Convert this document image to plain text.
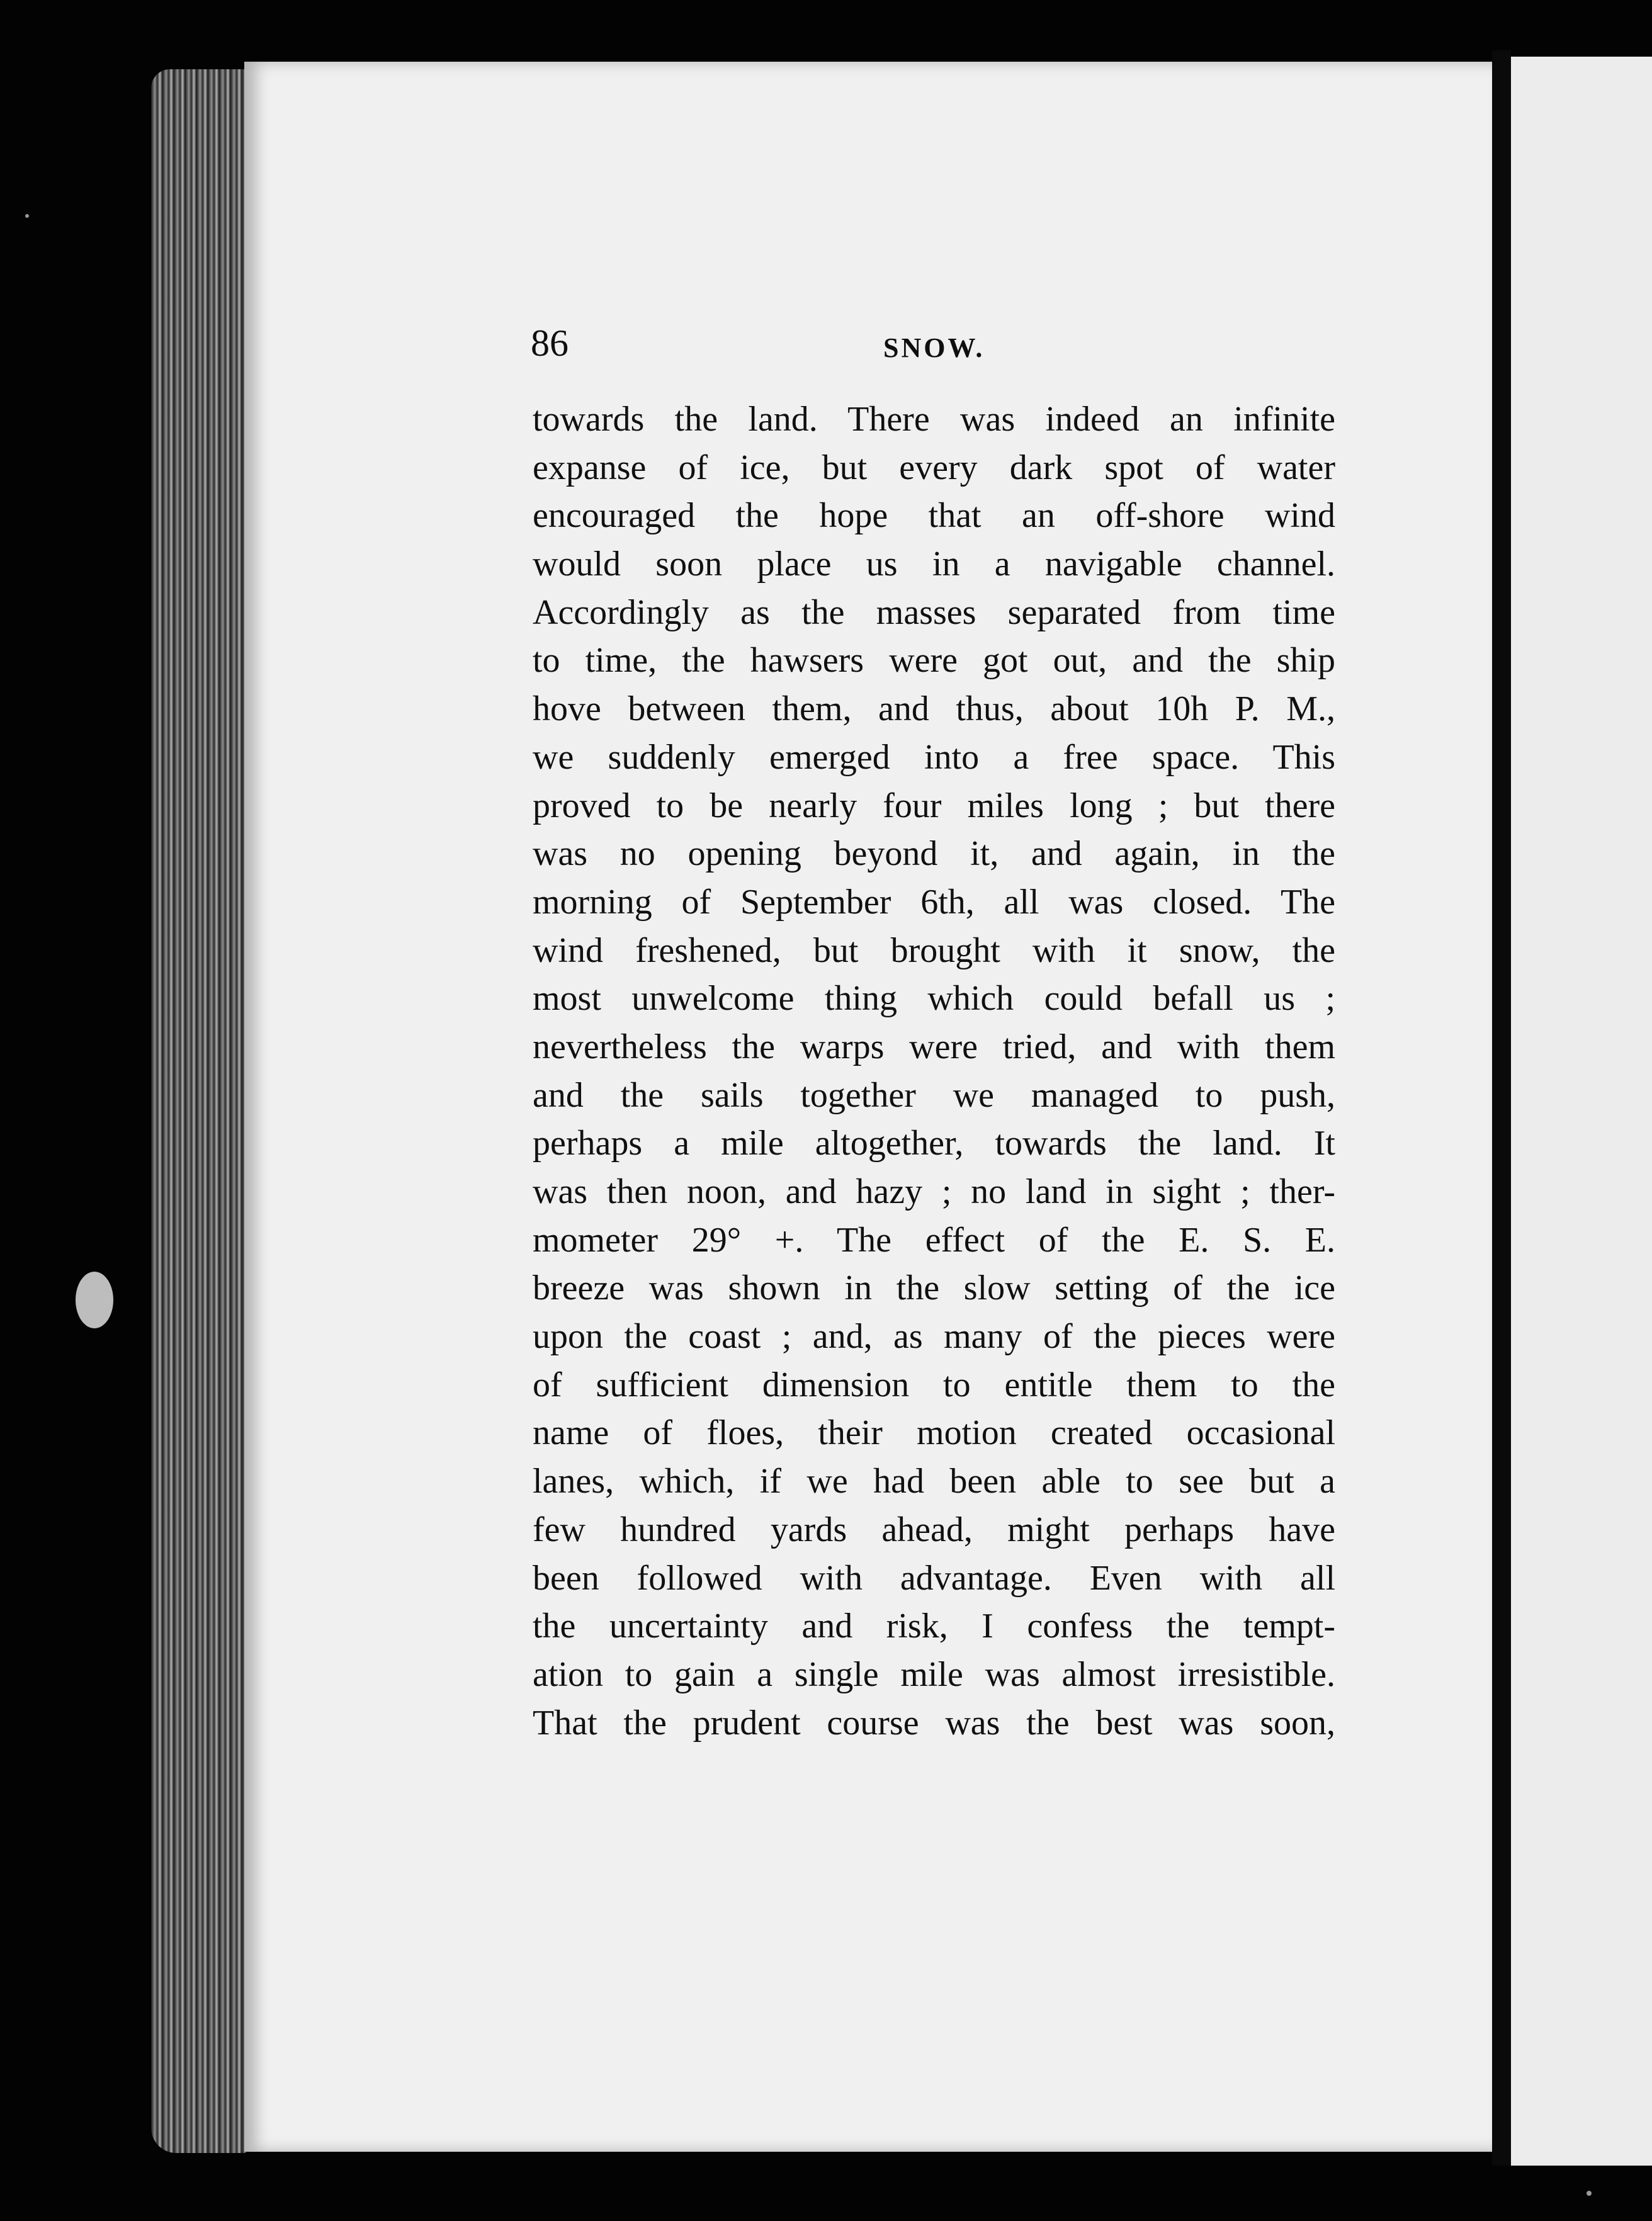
86	SNOW.
towards the land. There was indeed an infinite
expanse of ice, but every dark spot of water
encouraged the hope that an off-shore wind
would soon place us in a navigable channel.
Accordingly as the masses separated from time
to time, the hawsers were got out, and the ship
hove between them, and thus, about 10h P. M.,
we suddenly emerged into a free space. This
proved to be nearly four miles long ; but there
was no opening beyond it, and again, in the
morning of September 6th, all was closed. The
wind freshened, but brought with it snow, the
most unwelcome thing which could befall us ;
nevertheless the warps were tried, and with them
and the sails together we managed to push,
perhaps a mile altogether, towards the land. It
was then noon, and hazy ; no land in sight ; ther-
mometer 29° +. The effect of the E. S. E.
breeze was shown in the slow setting of the ice
upon the coast ; and, as many of the pieces were
of sufficient dimension to entitle them to the
name of floes, their motion created occasional
lanes, which, if we had been able to see but a
few hundred yards ahead, might perhaps have
been followed with advantage. Even with all
the uncertainty and risk, I confess the tempt-
ation to gain a single mile was almost irresistible.
That the prudent course was the best was soon,
